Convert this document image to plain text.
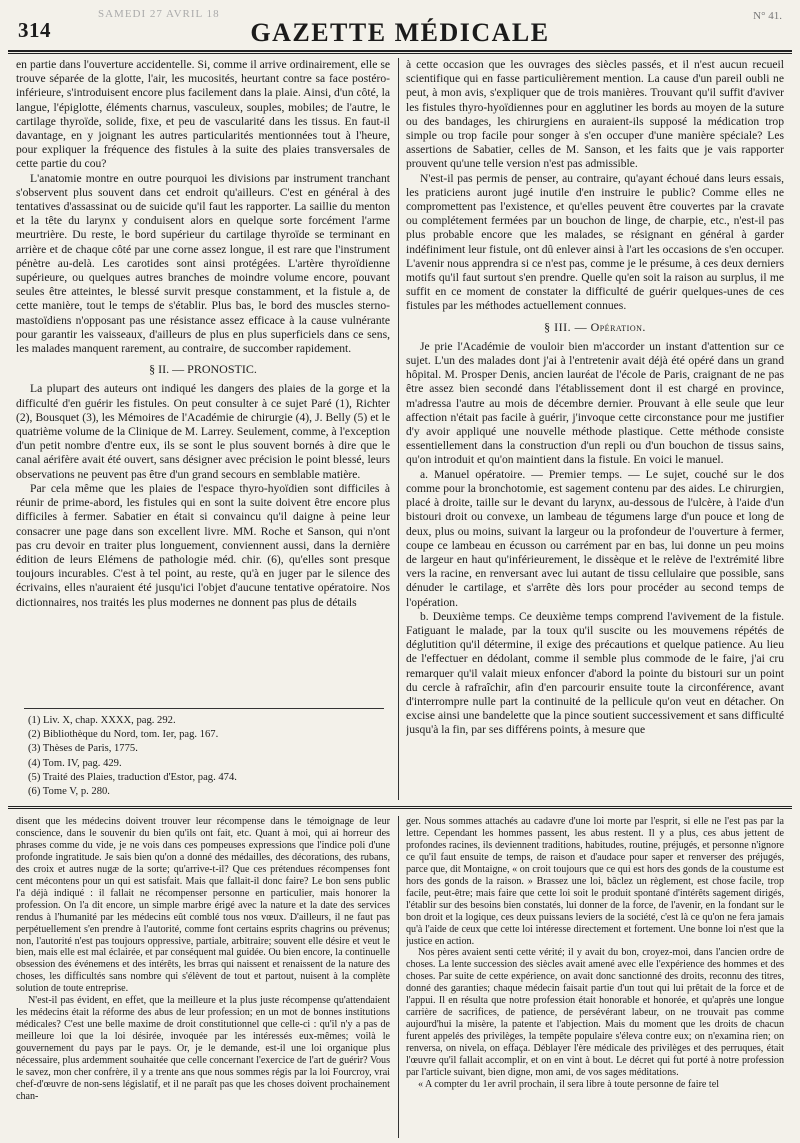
314
SAMEDI 27 AVRIL 18
GAZETTE MÉDICALE
N° 41.

en partie dans l'ouverture accidentelle. Si, comme il arrive ordinairement, elle se trouve séparée de la glotte, l'air, les mucosités, heurtant contre sa face postéro-inférieure, s'introduisent encore plus facilement dans la plaie. Ainsi, d'un côté, la langue, l'épiglotte, éléments charnus, vasculeux, souples, mobiles; de l'autre, le cartilage thyroïde, solide, fixe, et peu de vascularité dans les tissus. En faut-il davantage, en y joignant les autres particularités mentionnées tout à l'heure, pour expliquer la fréquence des fistules à la suite des plaies transversales de cette partie du cou?

L'anatomie montre en outre pourquoi les divisions par instrument tranchant s'observent plus souvent dans cet endroit qu'ailleurs. C'est en général à des tentatives d'assassinat ou de suicide qu'il faut les rapporter. La saillie du menton et la tête du larynx y conduisent alors en quelque sorte forcément l'arme meurtrière. Du reste, le bord supérieur du cartilage thyroïde se terminant en arrière et de chaque côté par une corne assez longue, il est rare que l'instrument pénètre au-delà. Les carotides sont ainsi protégées. L'artère thyroïdienne supérieure, ou quelques autres branches de moindre volume encore, pouvant seules être atteintes, le blessé survit presque constamment, et la fistule a, de cette manière, tout le temps de s'établir. Plus bas, le bord des muscles sterno-mastoïdiens n'opposant pas une résistance assez efficace à la cause vulnérante pour garantir les vaisseaux, d'ailleurs de plus en plus superficiels dans ce sens, les malades manquent rarement, au contraire, de succomber rapidement.

§ II. — PRONOSTIC.

La plupart des auteurs ont indiqué les dangers des plaies de la gorge et la difficulté d'en guérir les fistules. On peut consulter à ce sujet Paré (1), Richter (2), Bousquet (3), les Mémoires de l'Académie de chirurgie (4), J. Belly (5) et le quatrième volume de la Clinique de M. Larrey. Seulement, comme, à l'exception d'un petit nombre d'entre eux, ils se sont le plus souvent bornés à dire que le canal aérifère avait été ouvert, sans désigner avec précision le point blessé, leurs observations ne peuvent pas être d'un grand secours en semblable matière.

Par cela même que les plaies de l'espace thyro-hyoïdien sont difficiles à réunir de prime-abord, les fistules qui en sont la suite doivent être encore plus difficiles à fermer. Sabatier en était si convaincu qu'il daigne à peine leur consacrer une page dans son excellent livre. MM. Roche et Sanson, qui n'ont pas cru devoir en traiter plus longuement, conviennent aussi, dans la dernière édition de leurs Elémens de pathologie méd. chir. (6), qu'elles sont presque toujours incurables. C'est à tel point, au reste, qu'à en juger par le silence des écrivains, elles n'auraient été jusqu'ici l'objet d'aucune tentative opératoire. Nos dictionnaires, nos traités les plus modernes ne donnent pas plus de détails

(1) Liv. X, chap. XXXX, pag. 292.
(2) Bibliothèque du Nord, tom. Ier, pag. 167.
(3) Thèses de Paris, 1775.
(4) Tom. IV, pag. 429.
(5) Traité des Plaies, traduction d'Estor, pag. 474.
(6) Tome V, p. 280.

à cette occasion que les ouvrages des siècles passés, et il n'est aucun recueil scientifique qui en fasse particulièrement mention. La cause d'un pareil oubli ne peut, à mon avis, s'expliquer que de trois manières. Trouvant qu'il suffit d'aviver les fistules thyro-hyoïdiennes pour en agglutiner les bords au moyen de la suture ou des bandages, les chirurgiens en auraient-ils supposé la médication trop simple ou trop facile pour songer à s'en occuper d'une manière spéciale? Les assertions de Sabatier, celles de M. Sanson, et les faits que je vais rapporter prouvent qu'une telle version n'est pas admissible.

N'est-il pas permis de penser, au contraire, qu'ayant échoué dans leurs essais, les praticiens auront jugé inutile d'en instruire le public? Comme elles ne compromettent pas l'existence, et qu'elles peuvent être couvertes par la cravate ou complétement fermées par un bouchon de linge, de charpie, etc., n'est-il pas plus probable encore que les malades, se résignant en général à garder indéfiniment leur fistule, ont dû enlever ainsi à l'art les occasions de s'en occuper. L'avenir nous apprendra si ce n'est pas, comme je le présume, à ces deux derniers motifs qu'il faut surtout s'en prendre. Quelle qu'en soit la raison au surplus, il me suffit en ce moment de constater la difficulté de guérir quelques-unes de ces fistules par les méthodes actuellement connues.

§ III. — Opération.

Je prie l'Académie de vouloir bien m'accorder un instant d'attention sur ce sujet. L'un des malades dont j'ai à l'entretenir avait déjà été opéré dans un grand hôpital. M. Prosper Denis, ancien lauréat de l'école de Paris, craignant de ne pas être assez bien secondé dans l'établissement dont il est chargé en province, m'adressa l'autre au mois de décembre dernier. Prouvant à elle seule que leur affection n'était pas facile à guérir, j'invoque cette circonstance pour me justifier d'y avoir appliqué une nouvelle méthode plastique. Cette méthode consiste essentiellement dans la construction d'un repli ou d'un bouchon de tissus sains, qu'on introduit et qu'on maintient dans la fistule. En voici le manuel.

a. Manuel opératoire. — Premier temps. — Le sujet, couché sur le dos comme pour la bronchotomie, est sagement contenu par des aides. Le chirurgien, placé à droite, taille sur le devant du larynx, au-dessous de l'ulcère, à l'aide d'un bistouri droit ou convexe, un lambeau de tégumens large d'un pouce et long de deux, plus ou moins, suivant la largeur ou la profondeur de l'ouverture à fermer, coupe ce lambeau en écusson ou carrément par en bas, lui donne un peu moins de largeur en haut qu'inférieurement, le dissèque et le relève de l'extrémité libre vers la racine, en renversant avec lui autant de tissu cellulaire que possible, sans dénuder le cartilage, et s'arrête dès lors pour procéder au second temps de l'opération.

b. Deuxième temps. Ce deuxième temps comprend l'avivement de la fistule. Fatiguant le malade, par la toux qu'il suscite ou les mouvemens répétés de déglutition qu'il détermine, il exige des précautions et quelque patience. Au lieu de l'effectuer en dédolant, comme il semble plus commode de le faire, j'ai cru remarquer qu'il valait mieux enfoncer d'abord la pointe du bistouri sur un point du cercle à rafraîchir, afin d'en parcourir ensuite toute la circonférence, avant d'interrompre nulle part la continuité de la pellicule qu'on veut en détacher. On excise ainsi une bandelette que la pince soutient successivement et sans difficulté jusqu'à la fin, par ses différens points, à mesure que

disent que les médecins doivent trouver leur récompense dans le témoignage de leur conscience, dans le souvenir du bien qu'ils ont fait, etc. Quant à moi, qui ai horreur des phrases comme du vide, je ne vois dans ces pompeuses expressions que l'indice poli d'une profonde ingratitude. Je sais bien qu'on a donné des médailles, des décorations, des rubans, des croix et autres nugæ de la sorte; qu'arrive-t-il? Que ces prétendues récompenses font cent mécontens pour un qui est satisfait. Mais que fallait-il donc faire? Le bon sens public l'a déjà indiqué : il fallait ne récompenser personne en particulier, mais honorer la profession. On l'a dit encore, un simple marbre érigé avec la nature et la date des services rendus à l'humanité par les médecins eût comblé tous nos vœux. D'ailleurs, il ne faut pas perpétuellement s'en prendre à l'autorité, comme font certains esprits chagrins ou prévenus; non, l'autorité n'est pas toujours oppressive, partiale, arbitraire; souvent elle désire et veut le bien, mais elle est mal éclairée, et par conséquent mal guidée. Ou bien encore, la continuelle obsession des événemens et des intérêts, les brras qui naissent et renaissent de la nature des choses, les difficultés sans nombre qui s'élèvent de tout et partout, nuisent à la complète solution de toute entreprise.

N'est-il pas évident, en effet, que la meilleure et la plus juste récompense qu'attendaient les médecins était la réforme des abus de leur profession; en un mot de bonnes institutions médicales? C'est une belle maxime de droit constitutionnel que celle-ci : qu'il n'y a pas de meilleure loi que la loi désirée, invoquée par les intéressés eux-mêmes; voilà le gouvernement du pays par le pays. Or, je le demande, est-il une loi organique plus nécessaire, plus ardemment souhaitée que celle concernant l'exercice de l'art de guérir? Vous le savez, mon cher confrère, il y a trente ans que nous sommes régis par la loi Fourcroy, vrai chef-d'œuvre de non-sens législatif, et il ne paraît pas que les choses doivent prochainement chan-

ger. Nous sommes attachés au cadavre d'une loi morte par l'esprit, si elle ne l'est pas par la lettre. Cependant les hommes passent, les abus restent. Il y a plus, ces abus jettent de profondes racines, ils deviennent traditions, habitudes, routine, préjugés, et personne n'ignore ce qu'il faut ensuite de temps, de raison et d'audace pour saper et renverser des préjugés, parce que, dit Montaigne, « on croit toujours que ce qui est hors des gonds de la coustume est hors des gonds de la raison. » Brassez une loi, bâclez un règlement, est chose facile, trop facile, peut-être; mais faire que cette loi soit le produit spontané d'intérêts sagement dirigés, l'établir sur des besoins bien constatés, lui donner de la force, de l'avenir, en la fondant sur le bon droit et la logique, ces deux puissans leviers de la société, c'est là ce qu'on ne fera jamais qu'à l'aide de ceux que cette loi intéresse directement et fortement. Une bonne loi n'est que la justice en action.

Nos pères avaient senti cette vérité; il y avait du bon, croyez-moi, dans l'ancien ordre de choses. La lente succession des siècles avait amené avec elle l'expérience des hommes et des choses. Par suite de cette expérience, on avait donc sanctionné des droits, reconnu des titres, donné des garanties; chaque médecin faisait partie d'un tout qui lui prêtait de la force et de l'appui. Il en résulta que notre profession était honorable et honorée, et qu'après une longue carrière de sacrifices, de patience, de persévérant labeur, on ne trouvait pas comme aujourd'hui la misère, la patente et l'abjection. Mais du moment que les droits de chacun furent appelés des privilèges, la tempête populaire s'éleva contre eux; on n'examina rien; on renversa, on nivela, on effaça. Déblayer l'ère médicale des privilèges et des perruques, était l'œuvre qu'il fallait accomplir, et on en vint à bout. Le décret qui fut porté à notre profession par l'article suivant, bien digne, mon ami, de vos sages méditations.

« A compter du 1er avril prochain, il sera libre à toute personne de faire tel
